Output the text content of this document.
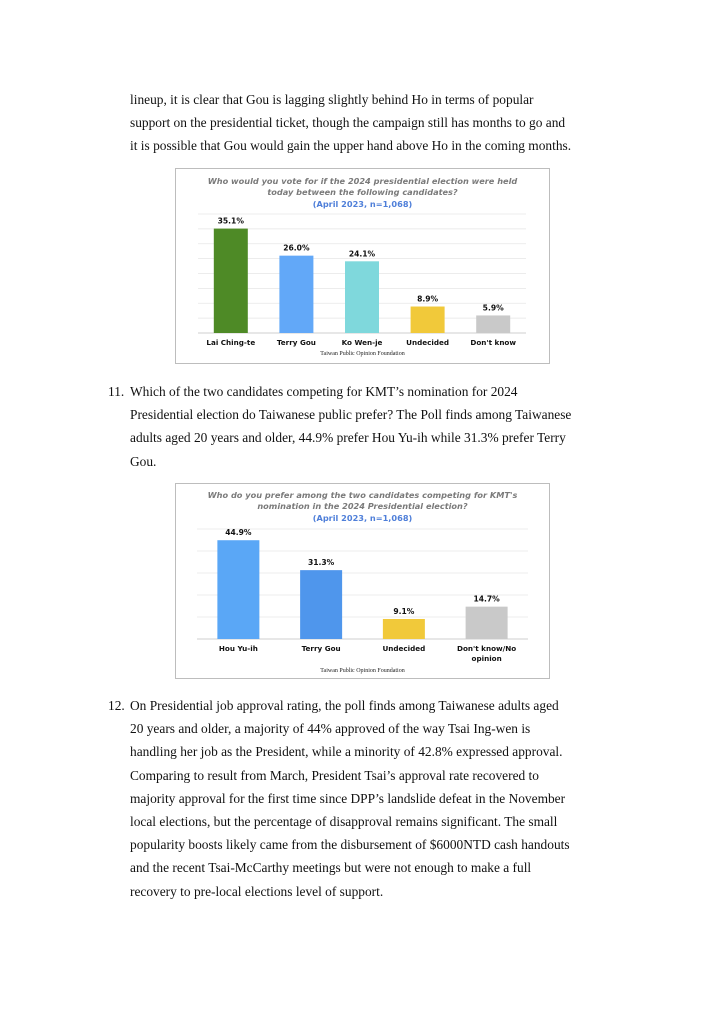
lineup, it is clear that Gou is lagging slightly behind Ho in terms of popular
support on the presidential ticket, though the campaign still has months to go and
it is possible that Gou would gain the upper hand above Ho in the coming months.
Who would you vote for if the 2024 presidential election were held
today between the following candidates?
(April 2023, n=1,068)
35.1%
Lai Ching-te
26.0%
Terry Gou
24.1%
Ko Wen-je
8.9%
Undecided
5.9%
Don't know
Taiwan Public Opinion Foundation
11. Which of the two candidates competing for KMT’s nomination for 2024
Presidential election do Taiwanese public prefer? The Poll finds among Taiwanese
adults aged 20 years and older, 44.9% prefer Hou Yu-ih while 31.3% prefer Terry
Gou.
Who do you prefer among the two candidates competing for KMT's
nomination in the 2024 Presidential election?
(April 2023, n=1,068)
44.9%
Hou Yu-ih
31.3%
Terry Gou
9.1%
Undecided
14.7%
Don't know/No
opinion
Taiwan Public Opinion Foundation
12. On Presidential job approval rating, the poll finds among Taiwanese adults aged
20 years and older, a majority of 44% approved of the way Tsai Ing-wen is
handling her job as the President, while a minority of 42.8% expressed approval.
Comparing to result from March, President Tsai’s approval rate recovered to
majority approval for the first time since DPP’s landslide defeat in the November
local elections, but the percentage of disapproval remains significant. The small
popularity boosts likely came from the disbursement of $6000NTD cash handouts
and the recent Tsai-McCarthy meetings but were not enough to make a full
recovery to pre-local elections level of support.
